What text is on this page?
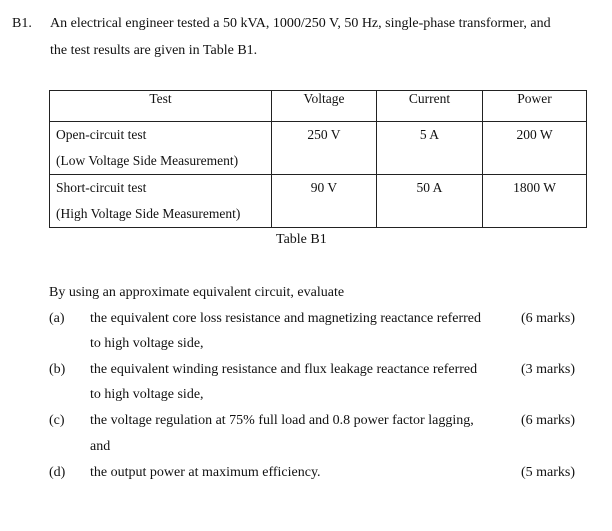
B1. An electrical engineer tested a 50 kVA, 1000/250 V, 50 Hz, single-phase transformer, and
the test results are given in Table B1.
Test	Voltage	Current	Power

Open-circuit test
(Low Voltage Side Measurement)	250 V	5 A	200 W

Short-circuit test
(High Voltage Side Measurement)	90 V	50 A	1800 W
Table B1
By using an approximate equivalent circuit, evaluate
(a) the equivalent core loss resistance and magnetizing reactance referred	(6 marks)
to high voltage side,
(b) the equivalent winding resistance and flux leakage reactance referred	(3 marks)
to high voltage side,
(c) the voltage regulation at 75% full load and 0.8 power factor lagging,	(6 marks)
and
(d) the output power at maximum efficiency.	(5 marks)
